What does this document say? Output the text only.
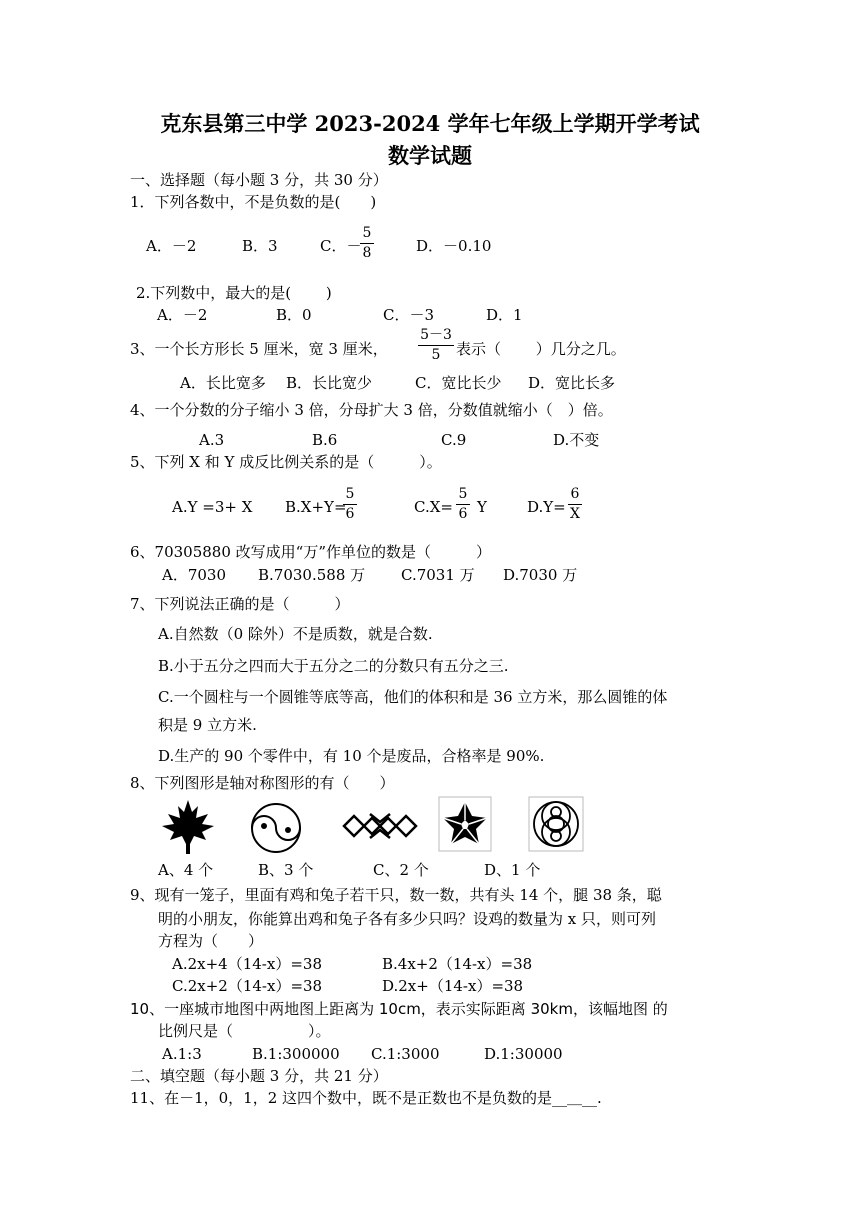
克东县第三中学 2023-2024 学年七年级上学期开学考试
数学试题
一、选择题（每小题 3 分，共 30 分）
1．下列各数中，不是负数的是(　　)
A．－2	B．3	C．－
5
8	D．－0.10
2.下列数中，最大的是(　　 )
A．－2	B．0	C．－3	D．1
3、一个长方形长 5 厘米，宽 3 厘米，
5－3
5	表示（　　 ）几分之几。
A．长比宽多 B．长比宽少	C．宽比长少 D．宽比长多
4、一个分数的分子缩小 3 倍，分母扩大 3 倍，分数值就缩小（　）倍。
A.3	B.6	C.9	D.不变
5、下列 X 和 Y 成反比例关系的是（　　　）。
A.Y =3+ X B.X+Y=
5
6	C.X=
5
6 Y	D.Y=
6
X
6、70305880 改写成用“万”作单位的数是（　　　）
A．7030 B.7030.588 万 C.7031 万 D.7030 万
7、下列说法正确的是（　　　）
A.自然数（0 除外）不是质数，就是合数.
B.小于五分之四而大于五分之二的分数只有五分之三.
C.一个圆柱与一个圆锥等底等高，他们的体积和是 36 立方米，那么圆锥的体
积是 9 立方米.
D.生产的 90 个零件中，有 10 个是废品，合格率是 90%.
8、下列图形是轴对称图形的有（　　）
A、4 个	B、3 个	C、2 个	D、1 个
9、现有一笼子，里面有鸡和兔子若干只，数一数，共有头 14 个，腿 38 条，聪
明的小朋友，你能算出鸡和兔子各有多少只吗？设鸡的数量为 x 只，则可列
方程为（　　）
A.2x+4（14-x）=38	B.4x+2（14-x）=38
C.2x+2（14-x）=38	D.2x+（14-x）=38
10、一座城市地图中两地图上距离为 10cm，表示实际距离 30km，该幅地图 的
比例尺是（　　　　　）。
A.1:3	B.1:300000 C.1:3000	D.1:30000
二、填空题（每小题 3 分，共 21 分）
11、在－1，0，1，2 这四个数中，既不是正数也不是负数的是__＿__.
